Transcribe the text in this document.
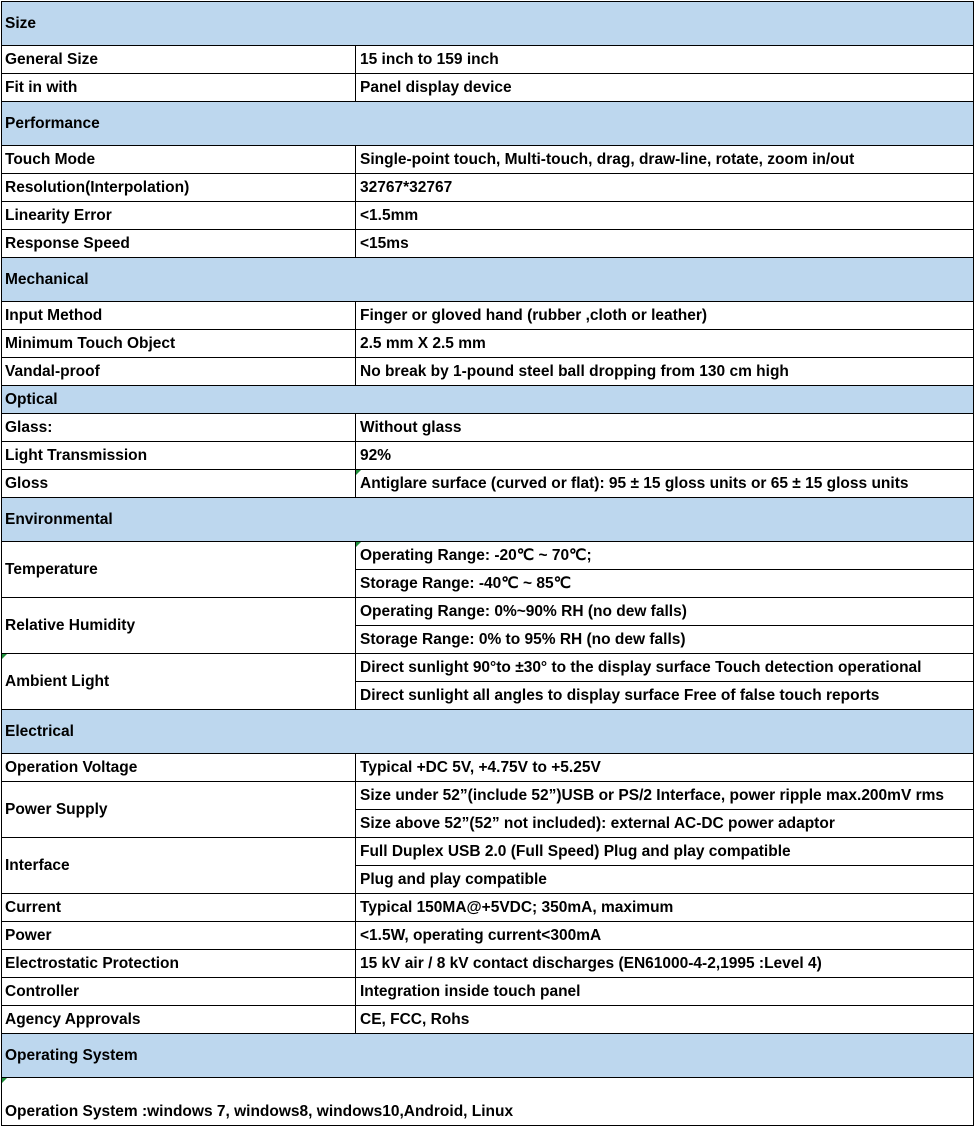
Size	
General Size	15 inch to 159 inch
Fit in with	Panel display device
Performance	
Touch Mode	Single-point touch, Multi-touch, drag, draw-line, rotate, zoom in/out
Resolution(Interpolation)	32767*32767
Linearity Error	<1.5mm
Response Speed	<15ms
Mechanical	
Input Method	Finger or gloved hand (rubber ,cloth or leather)
Minimum Touch Object	2.5 mm X 2.5 mm
Vandal-proof	No break by 1-pound steel ball dropping from 130 cm high
Optical	
Glass:	Without glass
Light Transmission	92%
Gloss	Antiglare surface (curved or flat): 95 ± 15 gloss units or 65 ± 15 gloss units
Environmental	
Temperature	Operating Range: -20℃ ~ 70℃;
	Storage Range: -40℃ ~ 85℃
Relative Humidity	Operating Range: 0%~90% RH (no dew falls)
	Storage Range: 0% to 95% RH (no dew falls)
Ambient Light	Direct sunlight 90°to ±30° to the display surface Touch detection operational
	Direct sunlight all angles to display surface Free of false touch reports
Electrical	
Operation Voltage	Typical +DC 5V, +4.75V to +5.25V
Power Supply	Size under 52”(include 52”)USB or PS/2 Interface, power ripple max.200mV rms
	Size above 52”(52” not included): external AC-DC power adaptor
Interface	Full Duplex USB 2.0 (Full Speed) Plug and play compatible
	Plug and play compatible
Current	Typical 150MA@+5VDC; 350mA, maximum
Power	<1.5W, operating current<300mA
Electrostatic Protection	15 kV air / 8 kV contact discharges (EN61000-4-2,1995 :Level 4)
Controller	Integration inside touch panel
Agency Approvals	CE, FCC, Rohs
Operating System	
Operation System :windows 7, windows8, windows10,Android, Linux	
